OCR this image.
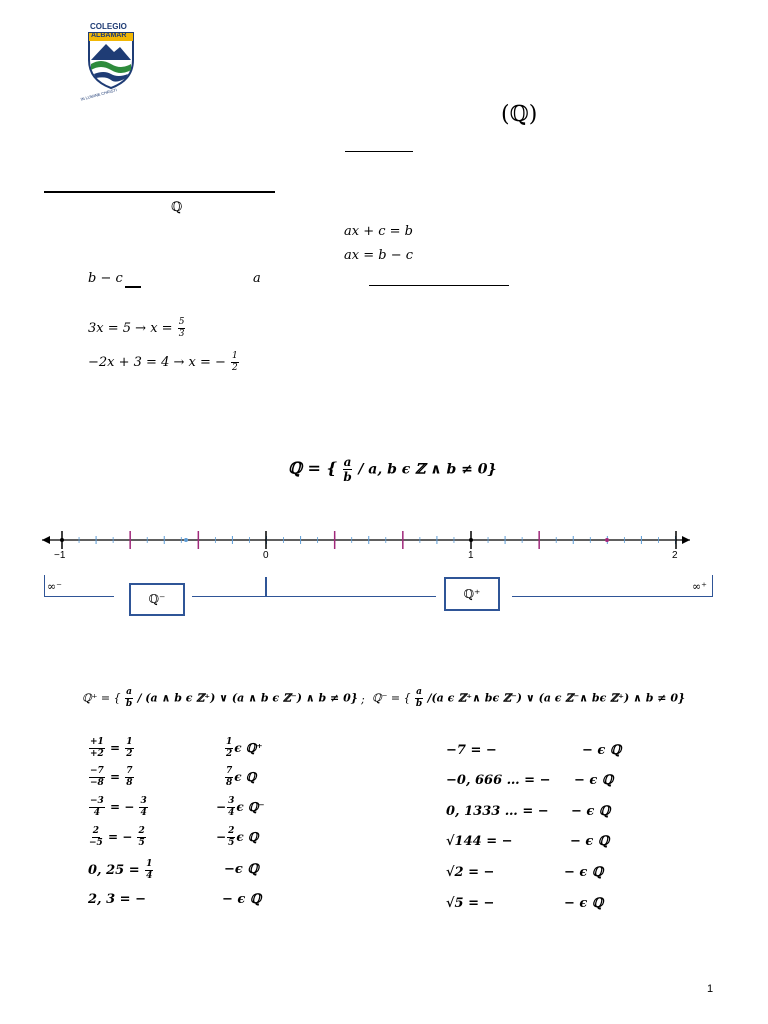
COLEGIO
ALBAMAR
IN LUMINE CHRISTI
(ℚ)
ℚ
ax + c = b
ax = b − c
b − c	a
$3x = 5 \to x = \frac{5}{3}$
−2x + 3 = 4 → x = − $\frac{1}{2}$
ℚ = { $\frac{a}{b}$ / a, b ϵ ℤ ∧ b ≠ 0}
−1	0	1	2
∞⁻
ℚ⁻	ℚ⁺
∞⁺
ℚ⁺ = { $\frac{a}{b} / (a$ ∧ b ϵ ℤ⁺) ∨ (a ∧ b ϵ ℤ⁻) ∧ b ≠ 0} ; ℚ⁻ = { $\frac{a}{b} /(a$ ϵ ℤ⁺∧ bϵ ℤ⁻) ∨ (a ϵ ℤ⁻∧ bϵ ℤ⁺) ∧ b ≠ 0}
$\frac{+1}{+2} = \frac{1}{2}$	$\frac{1}{2}$ ϵ ℚ⁺
$\frac{-7}{-8} = \frac{7}{8}$	$\frac{7}{8}$ ϵ ℚ
$\frac{-3}{4}$ = − $\frac{3}{4}$	− $\frac{3}{4}$ ϵ ℚ⁻
$\frac{2}{-5}$ = − $\frac{2}{5}$	− $\frac{2}{5}$ ϵ ℚ
0, $25 = \frac{1}{4}$	−ϵ ℚ
2, 3 = −	− ϵ ℚ
−7 = −	− ϵ ℚ
−0, 666 … = − − ϵ ℚ
0, 1333 … = − − ϵ ℚ
√144 = −	− ϵ ℚ
√2 = −	− ϵ ℚ
√5 = −	− ϵ ℚ
1
